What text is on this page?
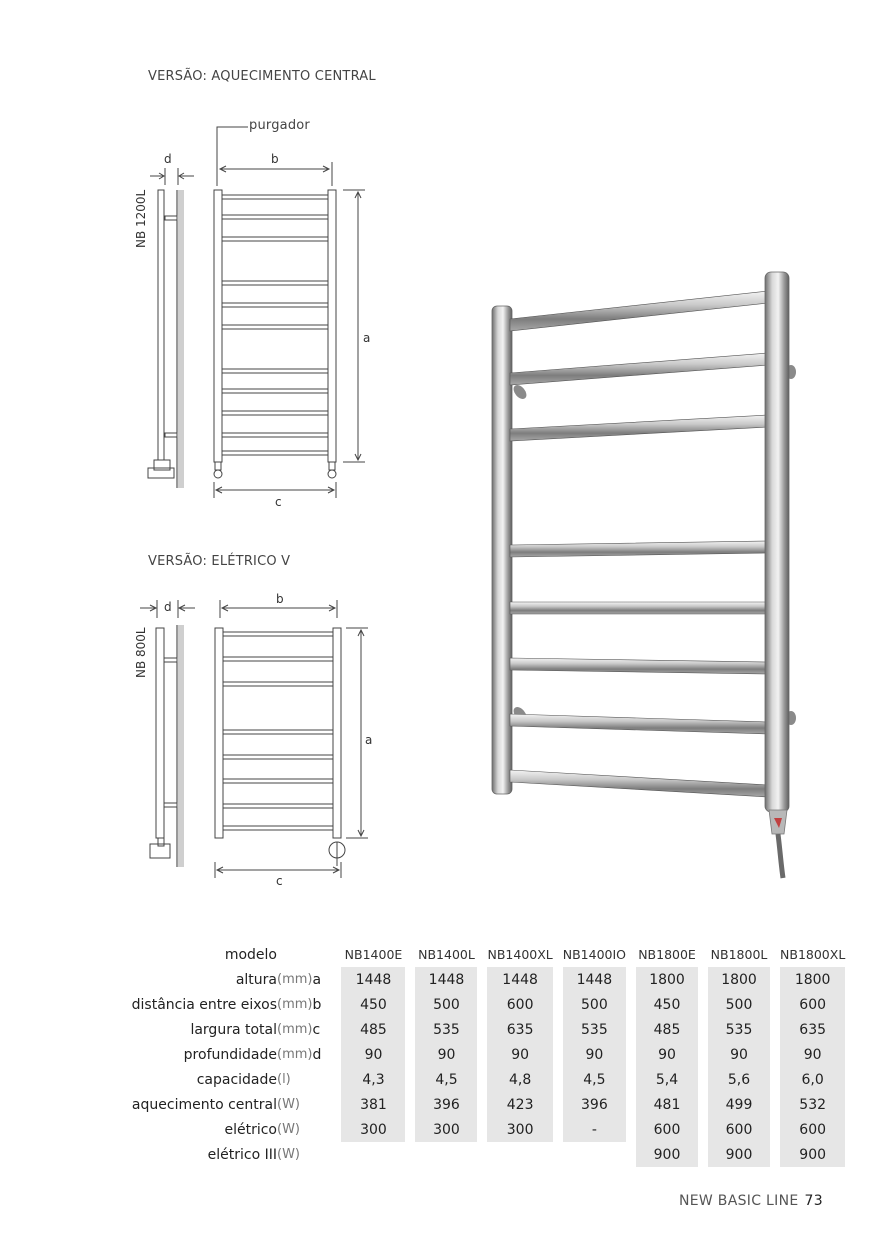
VERSÃO: AQUECIMENTO CENTRAL
VERSÃO: ELÉTRICO V
purgador
NB 1200L
NB 800L
d	b
a
c
d
b
a
c
modelo			NB1400E		NB1400L		NB1400XL		NB1400IO		NB1800E		NB1800L		NB1800XL
altura	(mm)	a	1448		1448		1448		1448		1800		1800		1800
distância entre eixos	(mm)	b	450		500		600		500		450		500		600
largura total	(mm)	c	485		535		635		535		485		535		635
profundidade	(mm)	d	90		90		90		90		90		90		90
capacidade	(l)		4,3		4,5		4,8		4,5		5,4		5,6		6,0
aquecimento central	(W)		381		396		423		396		481		499		532
elétrico	(W)		300		300		300		-		600		600		600
elétrico III	(W)										900		900		900
NEW BASIC LINE 73
